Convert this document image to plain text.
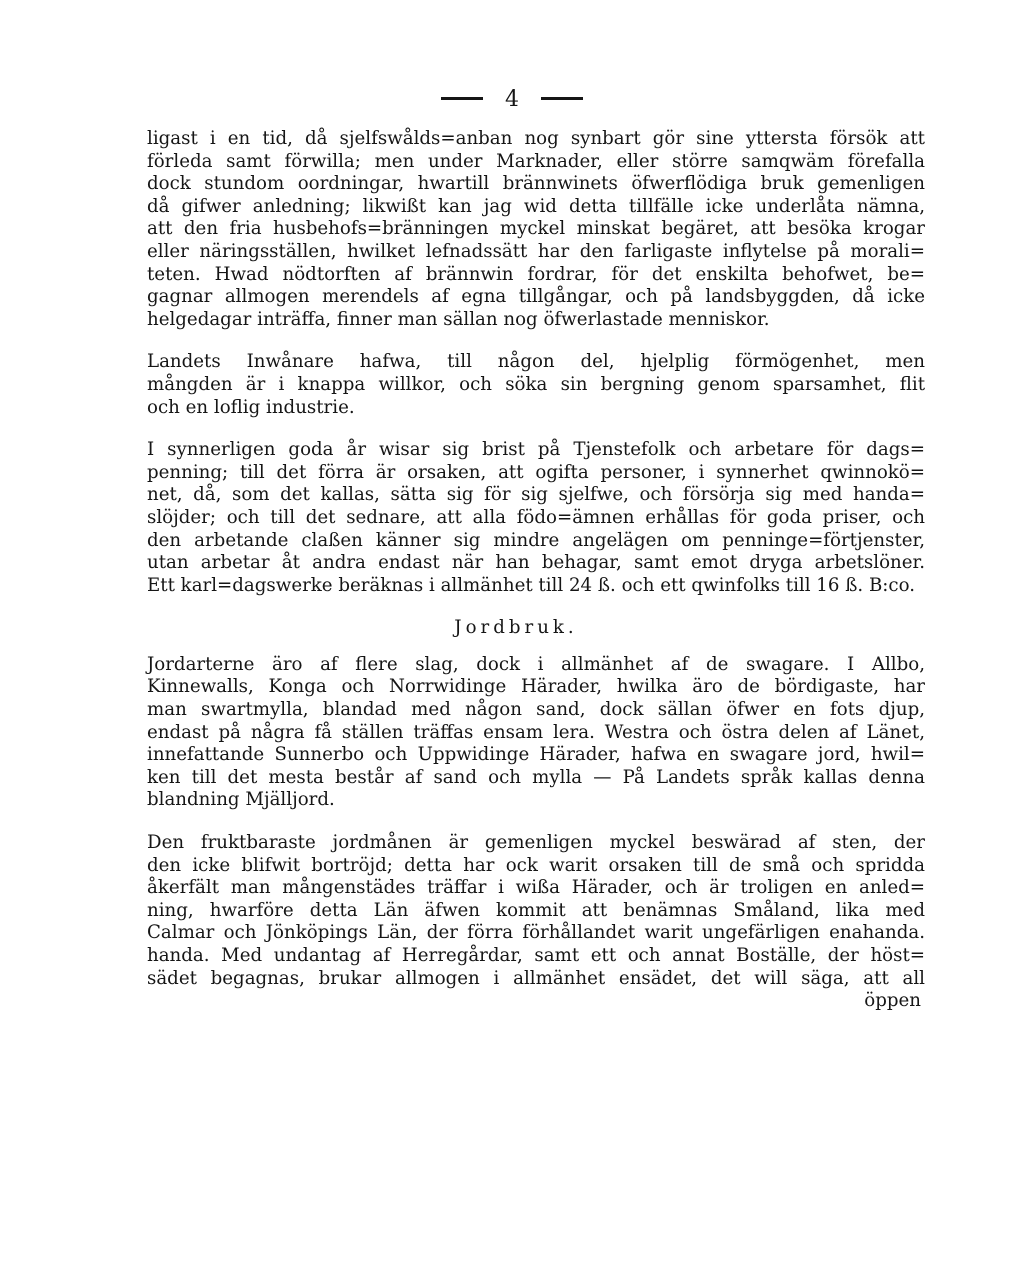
4

ligast i en tid, då sjelfswålds=anban nog synbart gör sine yttersta försök att
förleda samt förwilla; men under Marknader, eller större samqwäm förefalla
dock stundom oordningar, hwartill brännwinets öfwerflödiga bruk gemenligen
då gifwer anledning; likwißt kan jag wid detta tillfälle icke underlåta nämna,
att den fria husbehofs=bränningen myckel minskat begäret, att besöka krogar
eller näringsställen, hwilket lefnadssätt har den farligaste inflytelse på morali=
teten. Hwad nödtorften af brännwin fordrar, för det enskilta behofwet, be=
gagnar allmogen merendels af egna tillgångar, och på landsbyggden, då icke
helgedagar inträffa, finner man sällan nog öfwerlastade menniskor.

Landets Inwånare hafwa, till någon del, hjelplig förmögenhet, men
mångden är i knappa willkor, och söka sin bergning genom sparsamhet, flit
och en loflig industrie.

I synnerligen goda år wisar sig brist på Tjenstefolk och arbetare för dags=
penning; till det förra är orsaken, att ogifta personer, i synnerhet qwinnokö=
net, då, som det kallas, sätta sig för sig sjelfwe, och försörja sig med handa=
slöjder; och till det sednare, att alla födo=ämnen erhållas för goda priser, och
den arbetande claßen känner sig mindre angelägen om penninge=förtjenster,
utan arbetar åt andra endast när han behagar, samt emot dryga arbetslöner.
Ett karl=dagswerke beräknas i allmänhet till 24 ß. och ett qwinfolks till 16 ß. B:co.

Jordbruk.

Jordarterne äro af flere slag, dock i allmänhet af de swagare. I Allbo,
Kinnewalls, Konga och Norrwidinge Härader, hwilka äro de bördigaste, har
man swartmylla, blandad med någon sand, dock sällan öfwer en fots djup,
endast på några få ställen träffas ensam lera. Westra och östra delen af Länet,
innefattande Sunnerbo och Uppwidinge Härader, hafwa en swagare jord, hwil=
ken till det mesta består af sand och mylla — På Landets språk kallas denna
blandning Mjälljord.

Den fruktbaraste jordmånen är gemenligen myckel beswärad af sten, der
den icke blifwit bortröjd; detta har ock warit orsaken till de små och spridda
åkerfält man mångenstädes träffar i wißa Härader, och är troligen en anled=
ning, hwarföre detta Län äfwen kommit att benämnas Småland, lika med
Calmar och Jönköpings Län, der förra förhållandet warit ungefärligen enahanda.
handa. Med undantag af Herregårdar, samt ett och annat Boställe, der höst=
sädet begagnas, brukar allmogen i allmänhet ensädet, det will säga, att all

öppen
